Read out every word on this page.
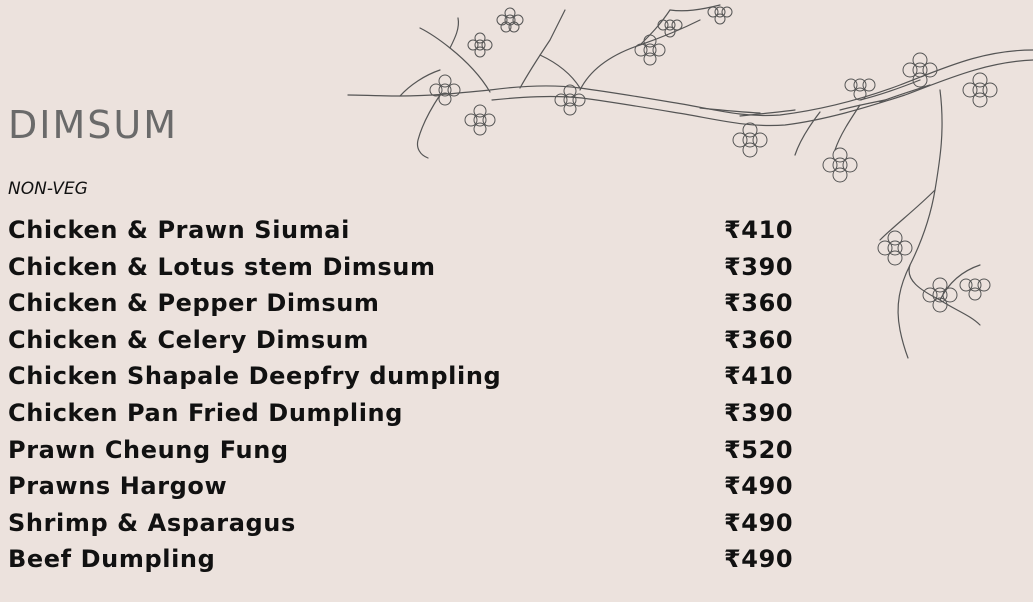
DIMSUM
NON-VEG
Chicken & Prawn Siumai	₹410
Chicken & Lotus stem Dimsum	₹390
Chicken & Pepper Dimsum	₹360
Chicken & Celery Dimsum	₹360
Chicken Shapale Deepfry dumpling	₹410
Chicken Pan Fried Dumpling	₹390
Prawn Cheung Fung	₹520
Prawns Hargow	₹490
Shrimp & Asparagus	₹490
Beef Dumpling	₹490
